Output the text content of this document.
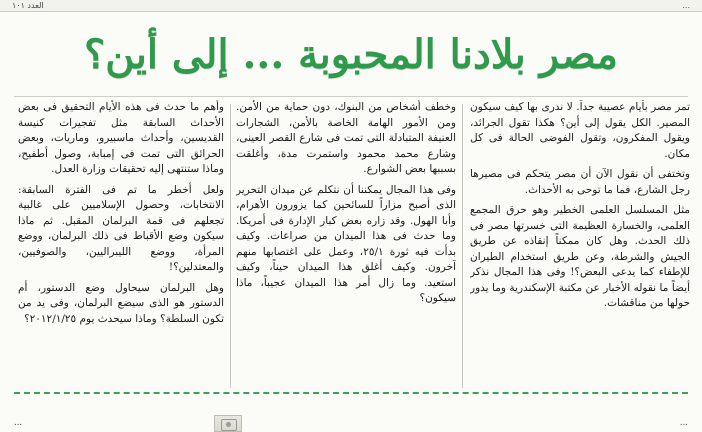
...
العدد ١٠١
مصر بلادنا المحبوبة ... إلى أين؟

تمر مصر بأيام عصيبة جداً. لا ندرى بها كيف سيكون المصير. الكل يقول إلى أين؟ هكذا تقول الجرائد، ويقول المفكرون، وتقول الفوضى الحالة فى كل مكان.

وتختفى أن نقول الآن أن مصر يتحكم فى مصيرها رجل الشارع، فما ما توحى به الأحداث.

مثل المسلسل العلمى الخطير وهو حرق المجمع العلمى، والخسارة العظيمة التى خسرتها مصر فى ذلك الحدث. وهل كان ممكناً إنقاذه عن طريق الجيش والشرطة، وعن طريق استخدام الطيران للإطفاء كما يدعى البعض؟! وفى هذا المجال نذكر أيضاً ما نقوله الأخبار عن مكتبة الإسكندرية وما يدور حولها من مناقشات.

وخطف أشخاص من البنوك، دون حماية من الأمن. ومن الأمور الهامة الخاصة بالأمن، الشجارات العنيفة المتبادلة التى تمت فى شارع القصر العينى، وشارع محمد محمود واستمرت مدة، وأغلقت بسببها بعض الشوارع.

وفى هذا المجال يمكننا أن نتكلم عن ميدان التحرير الذى أصبح مزاراً للسائحين كما يزورون الأهرام، وأبا الهول. وقد زاره بعض كبار الإدارة فى أمريكا. وما حدث فى هذا الميدان من صراعات. وكيف بدأت فيه ثورة ٢٥/١، وعمل على اغتصابها منهم آخرون. وكيف أغلق هذا الميدان حيناً، وكيف استعيد. وما زال أمر هذا الميدان عجيباً، ماذا سيكون؟

وأهم ما حدث فى هذه الأيام التحقيق فى بعض الأحداث السابقة مثل تفجيرات كنيسة القديسين، وأحداث ماسبيرو، وماريات، وبعض الحرائق التى تمت فى إمبابة، وصول أطفيح، وماذا ستنتهى إليه تحقيقات وزارة العدل.

ولعل أخطر ما تم فى الفترة السابقة: الانتخابات، وحصول الإسلاميين على غالبية تجعلهم فى قمة البرلمان المقبل. ثم ماذا سيكون وضع الأقباط فى ذلك البرلمان، ووضع المرأة، ووضع الليبراليين، والصوفيين، والمعتدلين؟!

وهل البرلمان سيحاول وضع الدستور، أم الدستور هو الذى سيضع البرلمان، وفى يد من تكون السلطة؟ وماذا سيحدث يوم ٢٠١٢/١/٢٥؟

...
...
